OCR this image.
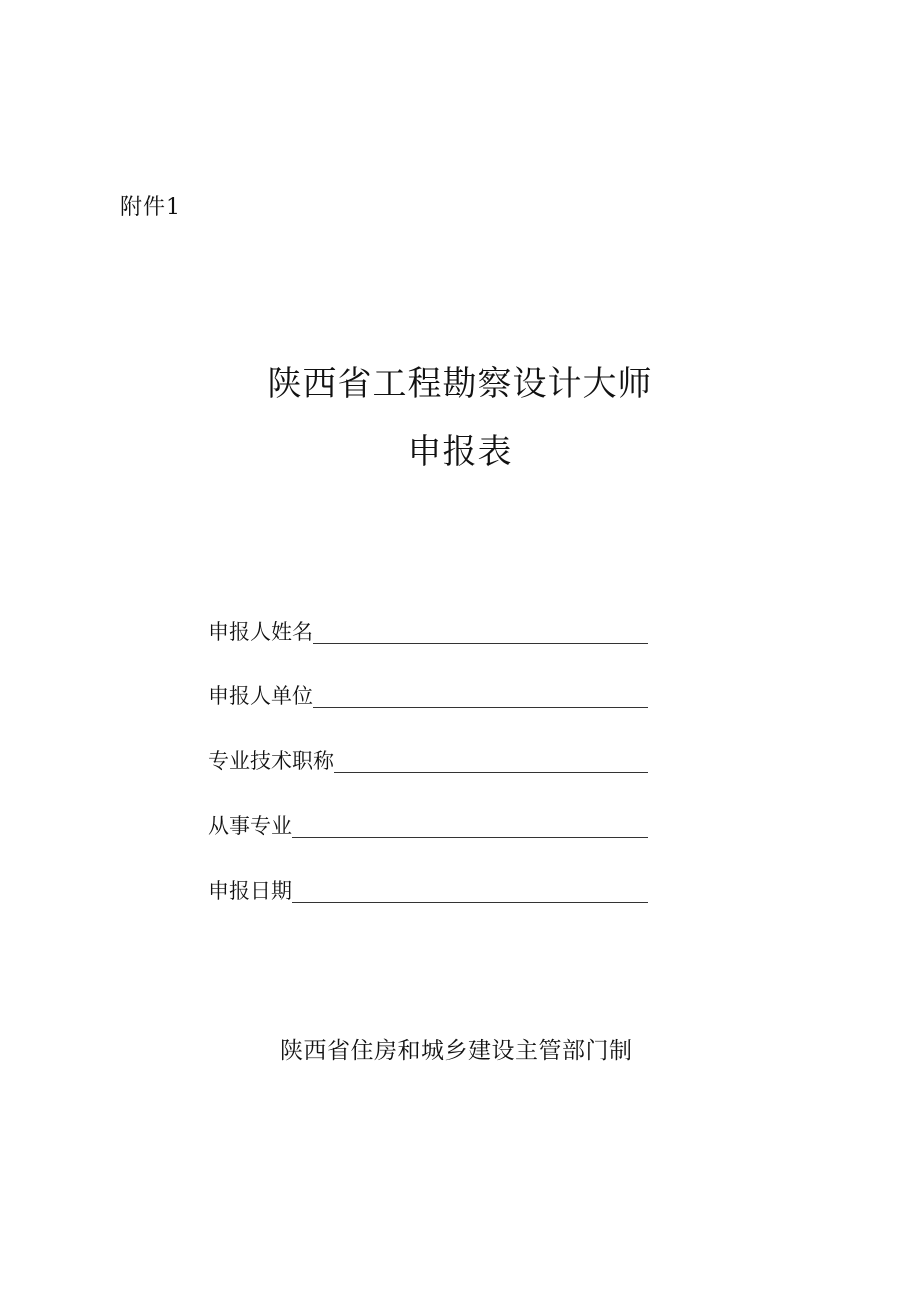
附件1
陕西省工程勘察设计大师
申报表
申报人姓名
申报人单位
专业技术职称
从事专业
申报日期
陕西省住房和城乡建设主管部门制
